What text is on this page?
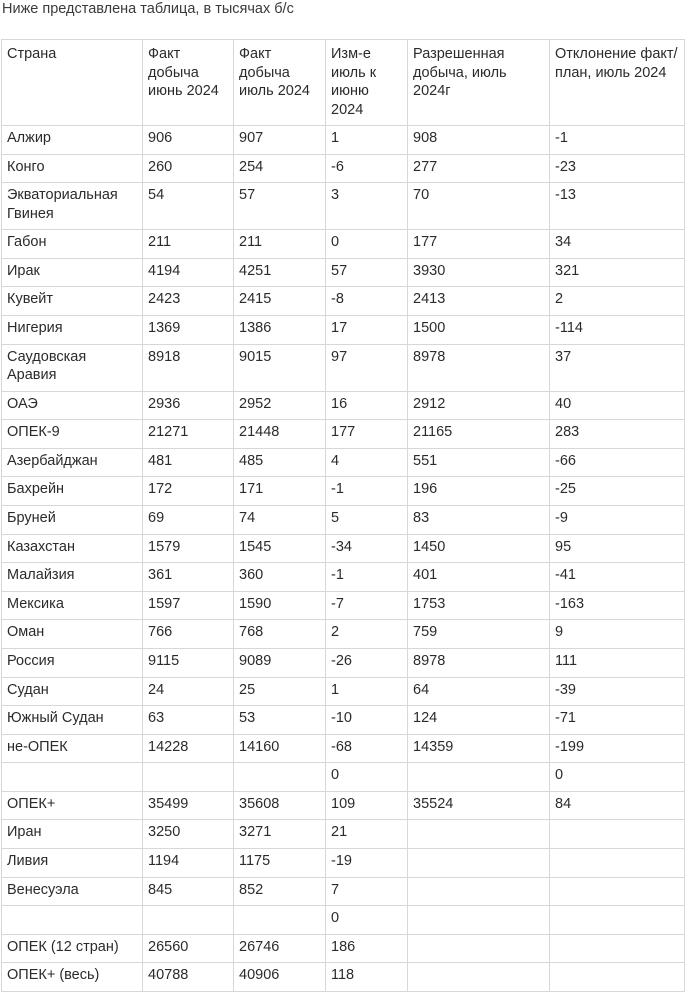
Ниже представлена таблица, в тысячах б/с
Страна	Факт добыча июнь 2024	Факт добыча июль 2024	Изм-е июль к июню 2024	Разрешенная добыча, июль 2024г	Отклонение факт/план, июль 2024
Алжир	906	907	1	908	-1
Конго	260	254	-6	277	-23
Экваториальная Гвинея	54	57	3	70	-13
Габон	211	211	0	177	34
Ирак	4194	4251	57	3930	321
Кувейт	2423	2415	-8	2413	2
Нигерия	1369	1386	17	1500	-114
Саудовская Аравия	8918	9015	97	8978	37
ОАЭ	2936	2952	16	2912	40
ОПЕК-9	21271	21448	177	21165	283
Азербайджан	481	485	4	551	-66
Бахрейн	172	171	-1	196	-25
Бруней	69	74	5	83	-9
Казахстан	1579	1545	-34	1450	95
Малайзия	361	360	-1	401	-41
Мексика	1597	1590	-7	1753	-163
Оман	766	768	2	759	9
Россия	9115	9089	-26	8978	111
Судан	24	25	1	64	-39
Южный Судан	63	53	-10	124	-71
не-ОПЕК	14228	14160	-68	14359	-199
			0		0
ОПЕК+	35499	35608	109	35524	84
Иран	3250	3271	21		
Ливия	1194	1175	-19		
Венесуэла	845	852	7		
			0		
ОПЕК (12 стран)	26560	26746	186		
ОПЕК+ (весь)	40788	40906	118		
